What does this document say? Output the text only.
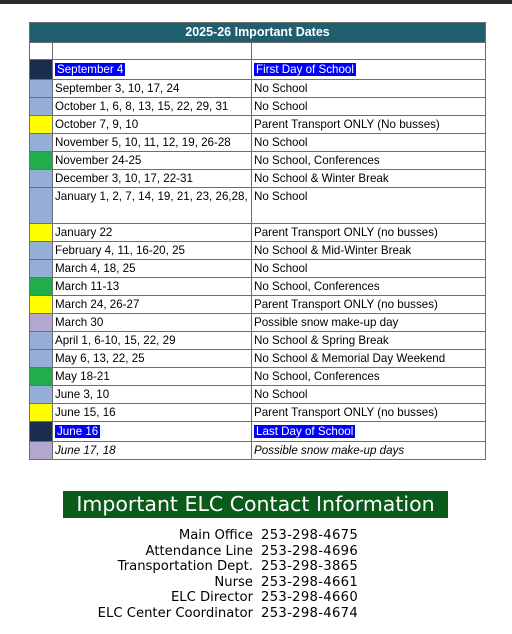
2025-26 Important Dates		

	September 4	First Day of School
	September 3, 10, 17, 24	No School
	October 1, 6, 8, 13, 15, 22, 29, 31	No School
	October 7, 9, 10	Parent Transport ONLY (No busses)
	November 5, 10, 11, 12, 19, 26-28	No School
	November 24-25	No School, Conferences
	December 3, 10, 17, 22-31	No School & Winter Break
	January 1, 2, 7, 14, 19, 21, 23, 26,28,	No School
	January 22	Parent Transport ONLY (no busses)
	February 4, 11, 16-20, 25	No School & Mid-Winter Break
	March 4, 18, 25	No School
	March 11-13	No School, Conferences
	March 24, 26-27	Parent Transport ONLY (no busses)
	March 30	Possible snow make-up day
	April 1, 6-10, 15, 22, 29	No School & Spring Break
	May 6, 13, 22, 25	No School & Memorial Day Weekend
	May 18-21	No School, Conferences
	June 3, 10	No School
	June 15, 16	Parent Transport ONLY (no busses)
	June 16	Last Day of School
	June 17, 18	Possible snow make-up days
Important ELC Contact Information
Main Office 253-298-4675
Attendance Line 253-298-4696
Transportation Dept. 253-298-3865
Nurse 253-298-4661
ELC Director 253-298-4660
ELC Center Coordinator 253-298-4674
